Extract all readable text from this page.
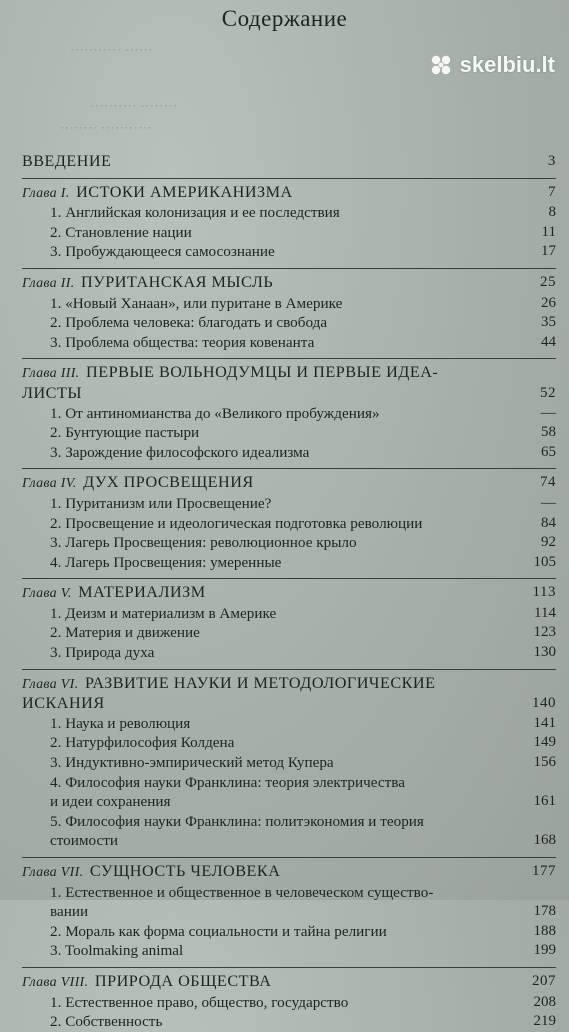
··········· ······
·········· ········
········ ···········
skelbiu.lt
Содержание
ВВЕДЕНИЕ	3
Глава I. ИСТОКИ АМЕРИКАНИЗМА	7
1. Английская колонизация и ее последствия	8
2. Становление нации	11
3. Пробуждающееся самосознание	17
Глава II. ПУРИТАНСКАЯ МЫСЛЬ	25
1. «Новый Ханаан», или пуритане в Америке	26
2. Проблема человека: благодать и свобода	35
3. Проблема общества: теория ковенанта	44
Глава III. ПЕРВЫЕ ВОЛЬНОДУМЦЫ И ПЕРВЫЕ ИДЕА-
ЛИСТЫ	52
1. От антиномианства до «Великого пробуждения»	—
2. Бунтующие пастыри	58
3. Зарождение философского идеализма	65
Глава IV. ДУХ ПРОСВЕЩЕНИЯ	74
1. Пуританизм или Просвещение?	—
2. Просвещение и идеологическая подготовка революции	84
3. Лагерь Просвещения: революционное крыло	92
4. Лагерь Просвещения: умеренные	105
Глава V. МАТЕРИАЛИЗМ	113
1. Деизм и материализм в Америке	114
2. Материя и движение	123
3. Природа духа	130
Глава VI. РАЗВИТИЕ НАУКИ И МЕТОДОЛОГИЧЕСКИЕ
ИСКАНИЯ	140
1. Наука и революция	141
2. Натурфилософия Колдена	149
3. Индуктивно-эмпирический метод Купера	156
4. Философия науки Франклина: теория электричества
и идеи сохранения	161
5. Философия науки Франклина: политэкономия и теория
стоимости	168
Глава VII. СУЩНОСТЬ ЧЕЛОВЕКА	177
1. Естественное и общественное в человеческом существо-
вании	178
2. Мораль как форма социальности и тайна религии	188
3. Toolmaking animal	199
Глава VIII. ПРИРОДА ОБЩЕСТВА	207
1. Естественное право, общество, государство	208
2. Собственность	219
